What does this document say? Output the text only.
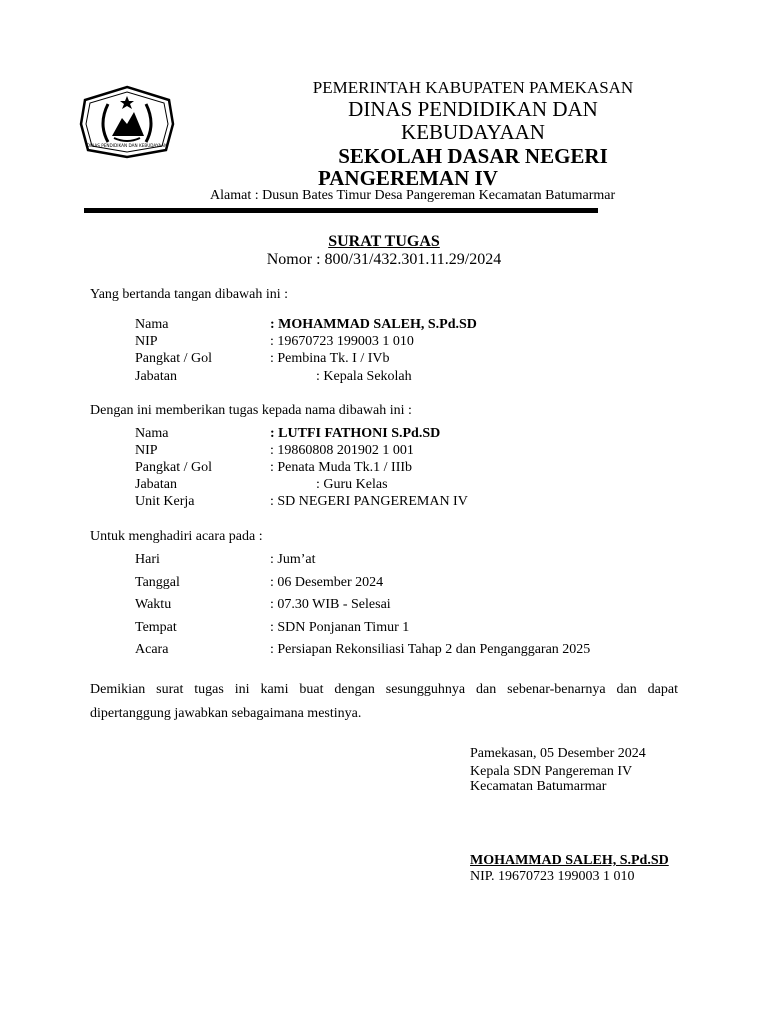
DINAS PENDIDIKAN DAN KEBUDAYAAN
PEMERINTAH KABUPATEN PAMEKASAN
DINAS PENDIDIKAN DAN
KEBUDAYAAN
SEKOLAH DASAR NEGERI
PANGEREMAN IV
Alamat : Dusun Bates Timur Desa Pangereman Kecamatan Batumarmar
SURAT TUGAS
Nomor : 800/31/432.301.11.29/2024
Yang bertanda tangan dibawah ini :
Nama	: MOHAMMAD SALEH, S.Pd.SD
NIP	: 19670723 199003 1 010
Pangkat / Gol	: Pembina Tk. I / IVb
Jabatan	: Kepala Sekolah
Dengan ini memberikan tugas kepada nama dibawah ini :
Nama	: LUTFI FATHONI S.Pd.SD
NIP	: 19860808 201902 1 001
Pangkat / Gol	: Penata Muda Tk.1 / IIIb
Jabatan	: Guru Kelas
Unit Kerja	: SD NEGERI PANGEREMAN IV
Untuk menghadiri acara pada :
Hari	: Jum’at
Tanggal	: 06 Desember 2024
Waktu	: 07.30 WIB - Selesai
Tempat	: SDN Ponjanan Timur 1
Acara	: Persiapan Rekonsiliasi Tahap 2 dan Penganggaran 2025
Demikian surat tugas ini kami buat dengan sesungguhnya dan sebenar-benarnya dan dapat dipertanggung jawabkan sebagaimana mestinya.
Pamekasan, 05 Desember 2024
Kepala SDN Pangereman IV
Kecamatan Batumarmar
MOHAMMAD SALEH, S.Pd.SD
NIP. 19670723 199003 1 010
